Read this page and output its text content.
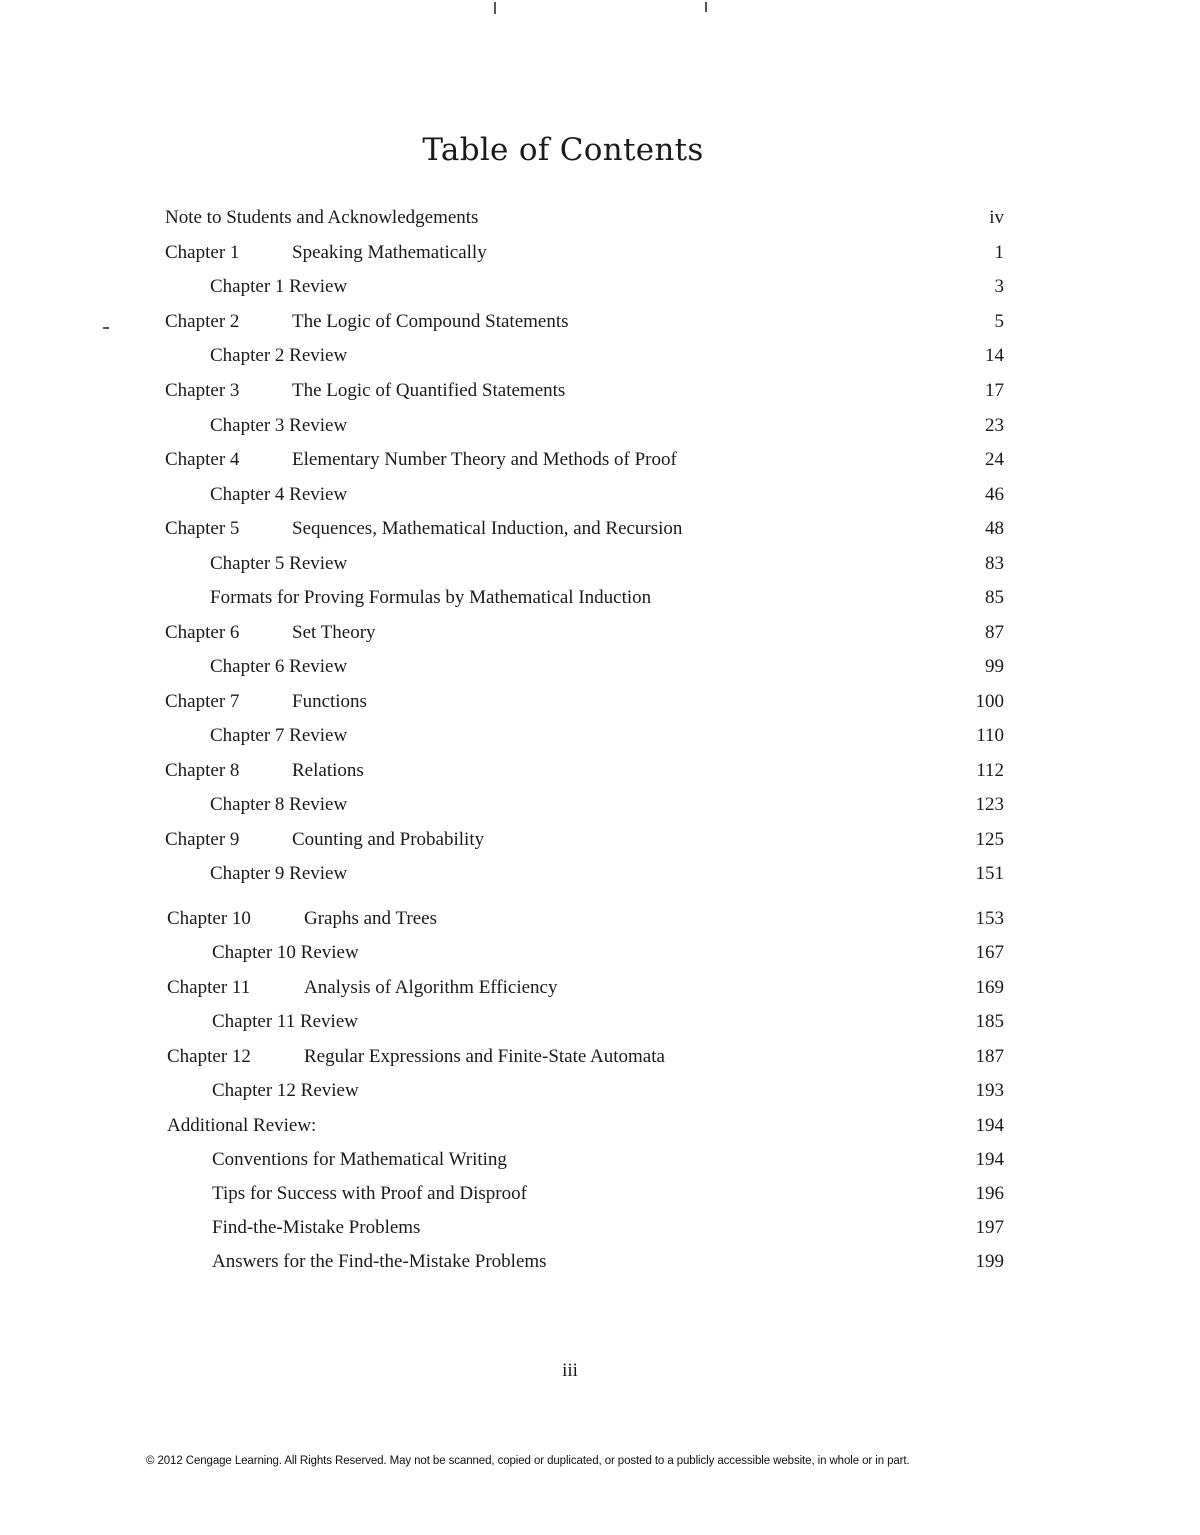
Table of Contents
Note to Students and Acknowledgements	iv
Chapter 1	Speaking Mathematically	1
Chapter 1 Review	3
Chapter 2	The Logic of Compound Statements	5
Chapter 2 Review	14
Chapter 3	The Logic of Quantified Statements	17
Chapter 3 Review	23
Chapter 4	Elementary Number Theory and Methods of Proof	24
Chapter 4 Review	46
Chapter 5	Sequences, Mathematical Induction, and Recursion	48
Chapter 5 Review	83
Formats for Proving Formulas by Mathematical Induction	85
Chapter 6	Set Theory	87
Chapter 6 Review	99
Chapter 7	Functions	100
Chapter 7 Review	110
Chapter 8	Relations	112
Chapter 8 Review	123
Chapter 9	Counting and Probability	125
Chapter 9 Review	151
Chapter 10	Graphs and Trees	153
Chapter 10 Review	167
Chapter 11	Analysis of Algorithm Efficiency	169
Chapter 11 Review	185
Chapter 12	Regular Expressions and Finite-State Automata	187
Chapter 12 Review	193
Additional Review:	194
Conventions for Mathematical Writing	194
Tips for Success with Proof and Disproof	196
Find-the-Mistake Problems	197
Answers for the Find-the-Mistake Problems	199
iii
© 2012 Cengage Learning. All Rights Reserved. May not be scanned, copied or duplicated, or posted to a publicly accessible website, in whole or in part.
